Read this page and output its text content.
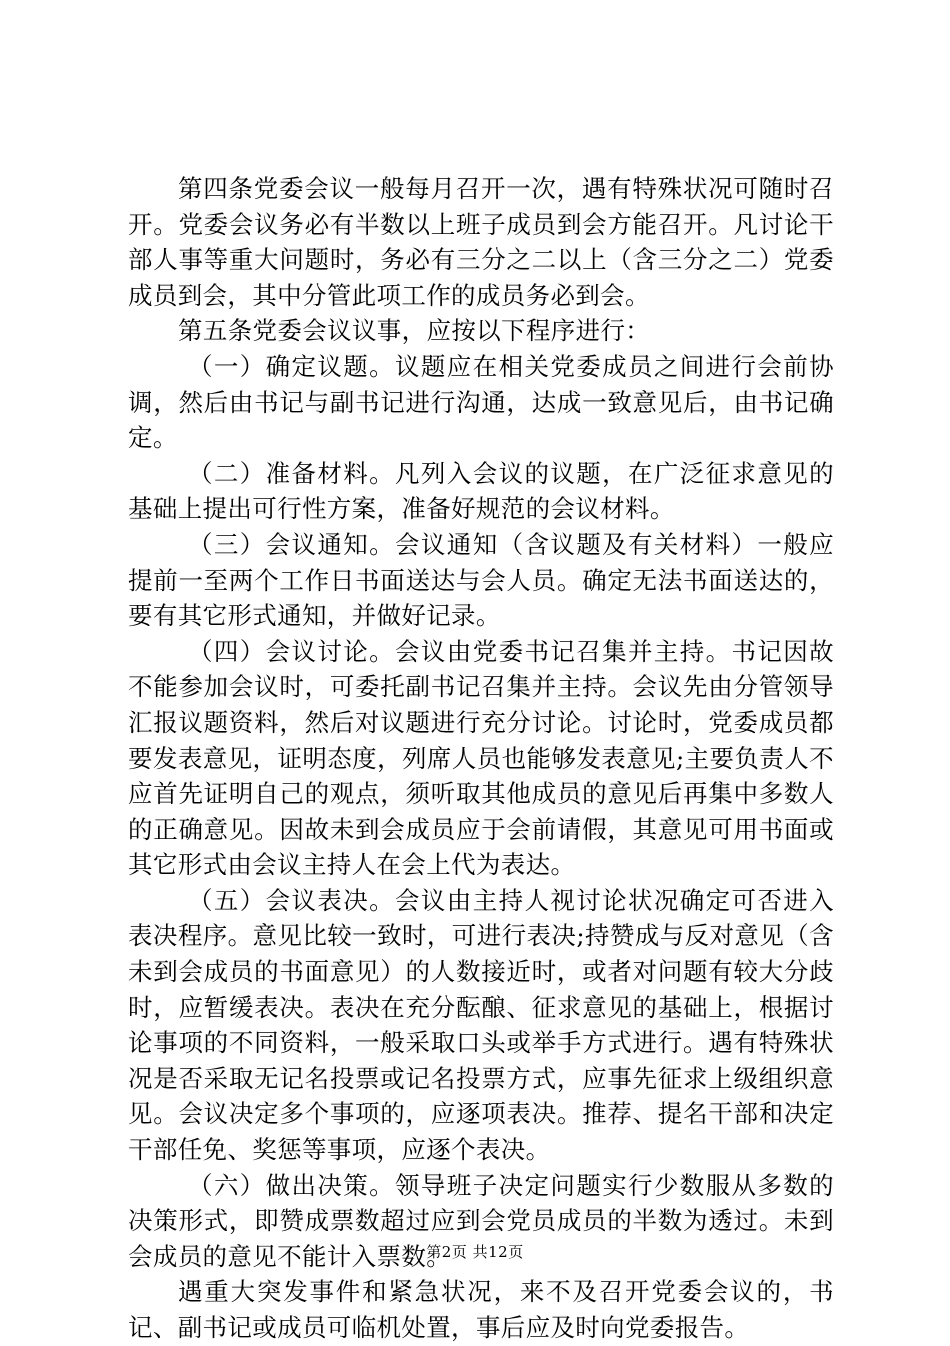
第四条党委会议一般每月召开一次，遇有特殊状况可随时召开。党委会议务必有半数以上班子成员到会方能召开。凡讨论干部人事等重大问题时，务必有三分之二以上（含三分之二）党委成员到会，其中分管此项工作的成员务必到会。

第五条党委会议议事，应按以下程序进行：

（一）确定议题。议题应在相关党委成员之间进行会前协调，然后由书记与副书记进行沟通，达成一致意见后，由书记确定。

（二）准备材料。凡列入会议的议题，在广泛征求意见的基础上提出可行性方案，准备好规范的会议材料。

（三）会议通知。会议通知（含议题及有关材料）一般应提前一至两个工作日书面送达与会人员。确定无法书面送达的，要有其它形式通知，并做好记录。

（四）会议讨论。会议由党委书记召集并主持。书记因故不能参加会议时，可委托副书记召集并主持。会议先由分管领导汇报议题资料，然后对议题进行充分讨论。讨论时，党委成员都要发表意见，证明态度，列席人员也能够发表意见;主要负责人不应首先证明自己的观点，须听取其他成员的意见后再集中多数人的正确意见。因故未到会成员应于会前请假，其意见可用书面或其它形式由会议主持人在会上代为表达。

（五）会议表决。会议由主持人视讨论状况确定可否进入表决程序。意见比较一致时，可进行表决;持赞成与反对意见（含未到会成员的书面意见）的人数接近时，或者对问题有较大分歧时，应暂缓表决。表决在充分酝酿、征求意见的基础上，根据讨论事项的不同资料，一般采取口头或举手方式进行。遇有特殊状况是否采取无记名投票或记名投票方式，应事先征求上级组织意见。会议决定多个事项的，应逐项表决。推荐、提名干部和决定干部任免、奖惩等事项，应逐个表决。

（六）做出决策。领导班子决定问题实行少数服从多数的决策形式，即赞成票数超过应到会党员成员的半数为透过。未到会成员的意见不能计入票数。

遇重大突发事件和紧急状况，来不及召开党委会议的，书记、副书记或成员可临机处置，事后应及时向党委报告。

第2页 共12页
